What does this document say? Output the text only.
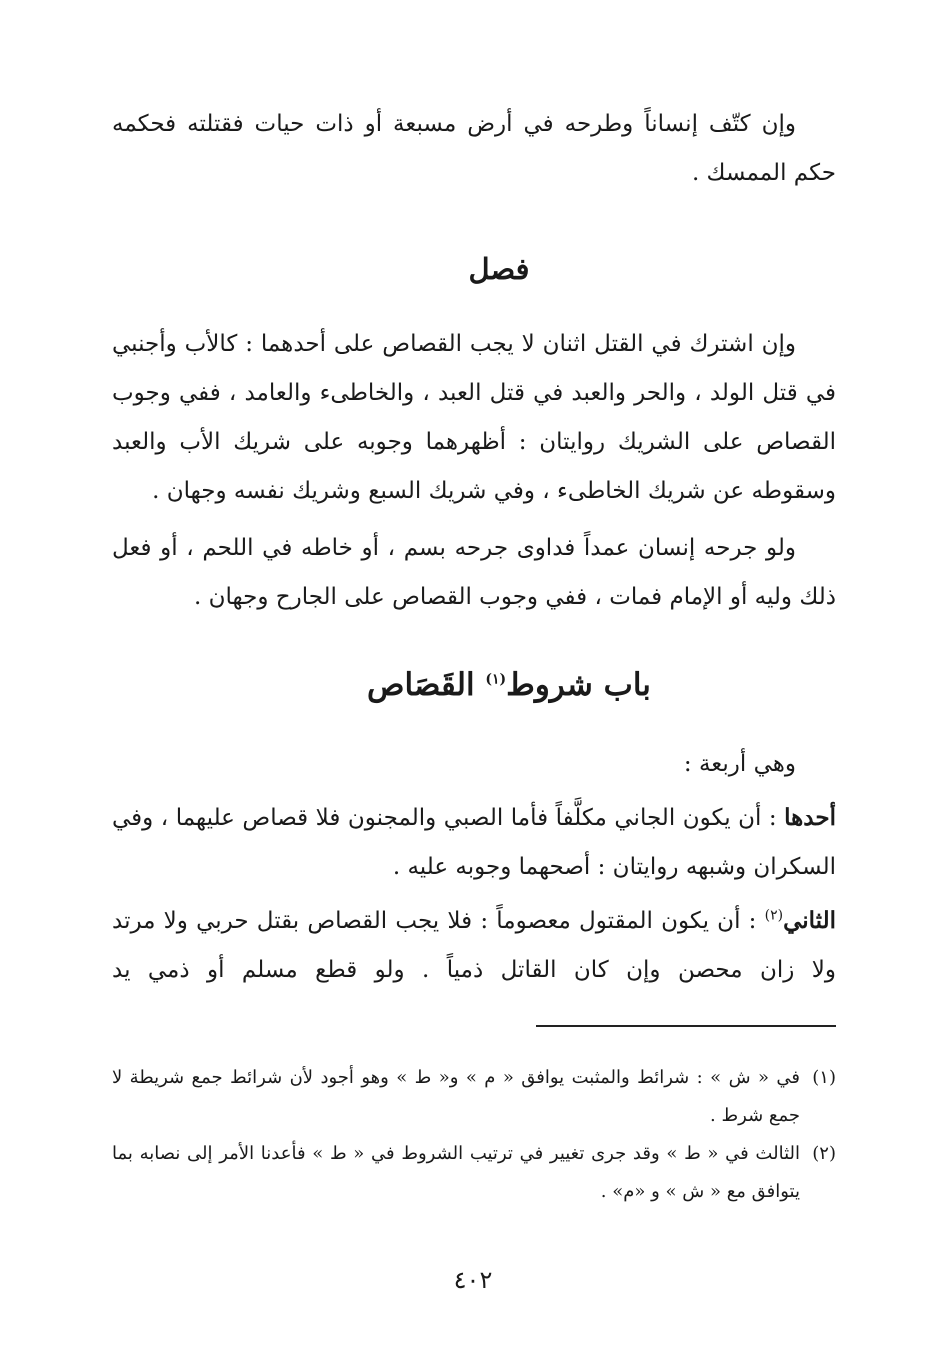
وإن كتّف إنساناً وطرحه في أرض مسبعة أو ذات حيات فقتلته فحكمه حكم الممسك .

فصل

وإن اشترك في القتل اثنان لا يجب القصاص على أحدهما : كالأب وأجنبي في قتل الولد ، والحر والعبد في قتل العبد ، والخاطىء والعامد ، ففي وجوب القصاص على الشريك روايتان : أظهرهما وجوبه على شريك الأب والعبد وسقوطه عن شريك الخاطىء ، وفي شريك السبع وشريك نفسه وجهان .

ولو جرحه إنسان عمداً فداوى جرحه بسم ، أو خاطه في اللحم ، أو فعل ذلك وليه أو الإمام فمات ، ففي وجوب القصاص على الجارح وجهان .

باب شروط$^{(١)}$ القَصَاص

وهي أربعة :

أحدها : أن يكون الجاني مكلَّفاً فأما الصبي والمجنون فلا قصاص عليهما ، وفي السكران وشبهه روايتان : أصحهما وجوبه عليه .

الثاني$^{(٢)}$ : أن يكون المقتول معصوماً : فلا يجب القصاص بقتل حربي ولا مرتد ولا زان محصن وإن كان القاتل ذمياً . ولو قطع مسلم أو ذمي يد

(١)
في « ش » : شرائط والمثبت يوافق « م » و« ط » وهو أجود لأن شرائط جمع شريطة لا جمع شرط .
(٢)
الثالث في « ط » وقد جرى تغيير في ترتيب الشروط في « ط » فأعدنا الأمر إلى نصابه بما يتوافق مع « ش » و «م» .
٤٠٢
